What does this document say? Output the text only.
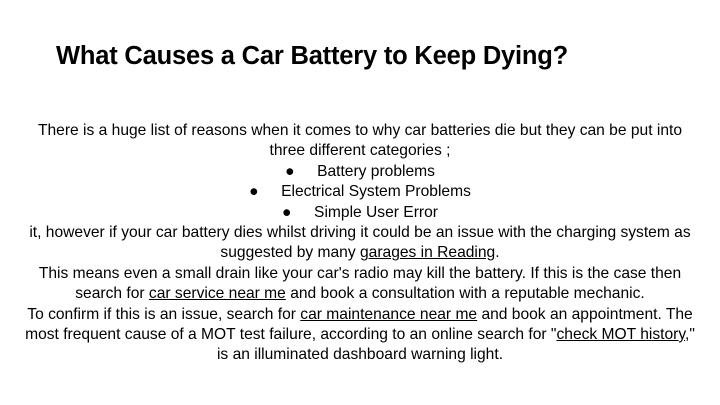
What Causes a Car Battery to Keep Dying?

There is a huge list of reasons when it comes to why car batteries die but they can be put into three different categories ;

● Battery problems

● Electrical System Problems

● Simple User Error

it, however if your car battery dies whilst driving it could be an issue with the charging system as suggested by many garages in Reading.

This means even a small drain like your car's radio may kill the battery. If this is the case then search for car service near me and book a consultation with a reputable mechanic.

To confirm if this is an issue, search for car maintenance near me and book an appointment. The most frequent cause of a MOT test failure, according to an online search for "check MOT history," is an illuminated dashboard warning light.
